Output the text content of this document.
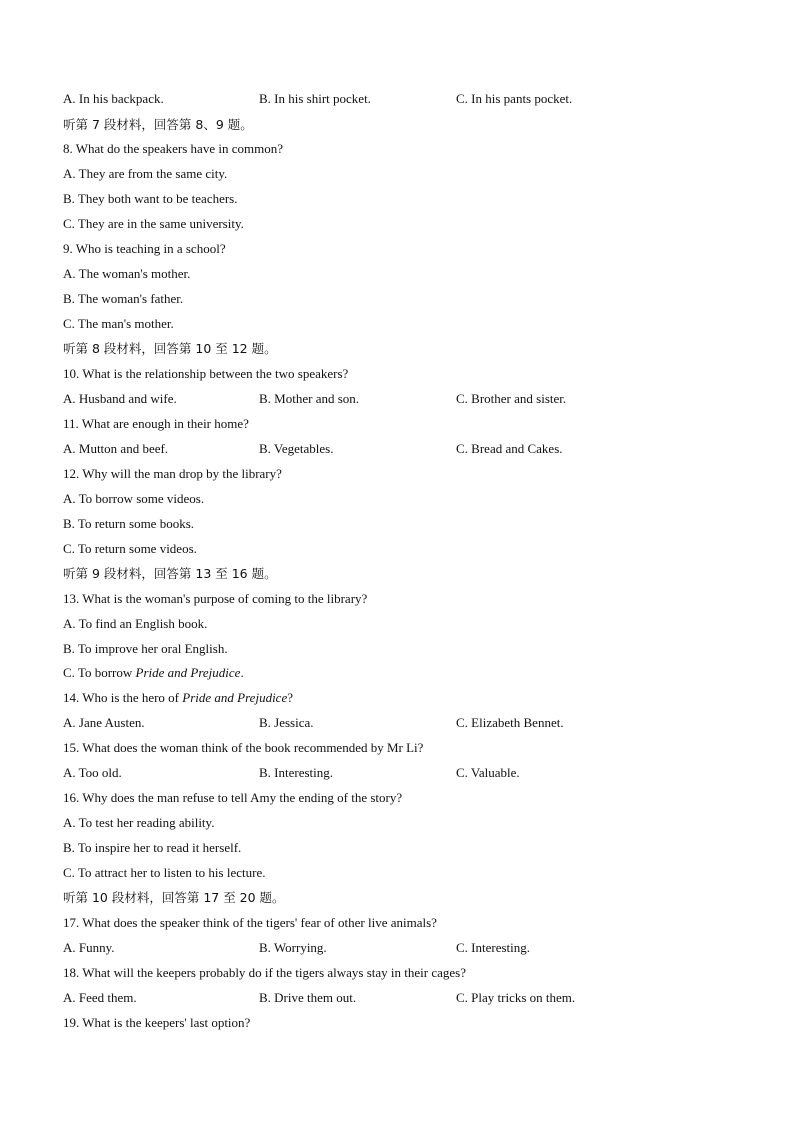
A. In his backpack.	B. In his shirt pocket.	C. In his pants pocket.
听第 7 段材料，回答第 8、9 题。
8. What do the speakers have in common?
A. They are from the same city.
B. They both want to be teachers.
C. They are in the same university.
9. Who is teaching in a school?
A. The woman's mother.
B. The woman's father.
C. The man's mother.
听第 8 段材料，回答第 10 至 12 题。
10. What is the relationship between the two speakers?
A. Husband and wife.	B. Mother and son.	C. Brother and sister.
11. What are enough in their home?
A. Mutton and beef.	B. Vegetables.	C. Bread and Cakes.
12. Why will the man drop by the library?
A. To borrow some videos.
B. To return some books.
C. To return some videos.
听第 9 段材料，回答第 13 至 16 题。
13. What is the woman's purpose of coming to the library?
A. To find an English book.
B. To improve her oral English.
C. To borrow Pride and Prejudice.
14. Who is the hero of Pride and Prejudice?
A. Jane Austen.	B. Jessica.	C. Elizabeth Bennet.
15. What does the woman think of the book recommended by Mr Li?
A. Too old.	B. Interesting.	C. Valuable.
16. Why does the man refuse to tell Amy the ending of the story?
A. To test her reading ability.
B. To inspire her to read it herself.
C. To attract her to listen to his lecture.
听第 10 段材料，回答第 17 至 20 题。
17. What does the speaker think of the tigers' fear of other live animals?
A. Funny.	B. Worrying.	C. Interesting.
18. What will the keepers probably do if the tigers always stay in their cages?
A. Feed them.	B. Drive them out.	C. Play tricks on them.
19. What is the keepers' last option?
